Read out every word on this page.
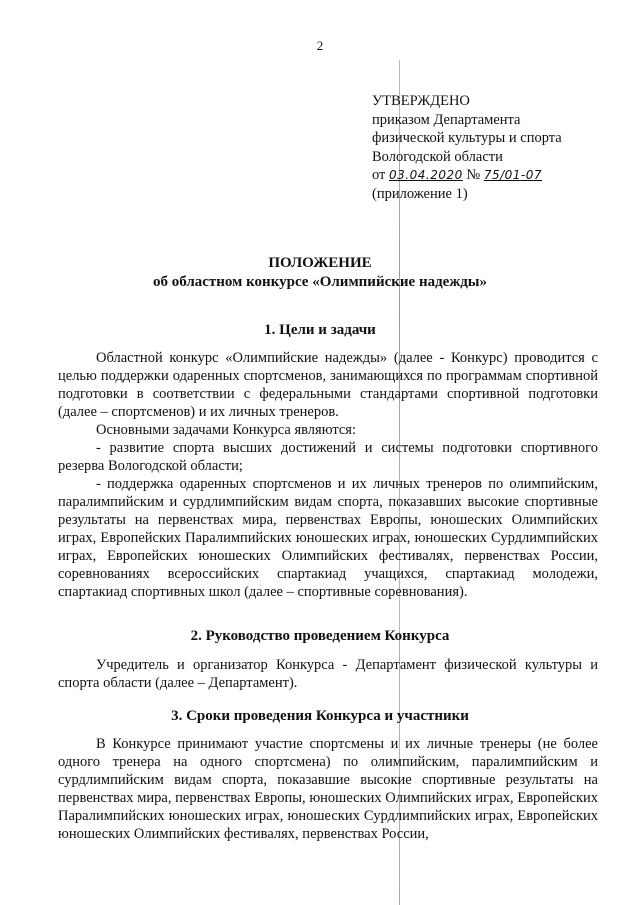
2
УТВЕРЖДЕНО
приказом Департамента
физической культуры и спорта
Вологодской области
от 03.04.2020 № 75/01-07
(приложение 1)
ПОЛОЖЕНИЕ
об областном конкурсе «Олимпийские надежды»
1. Цели и задачи

Областной конкурс «Олимпийские надежды» (далее - Конкурс) проводится с целью поддержки одаренных спортсменов, занимающихся по программам спортивной подготовки в соответствии с федеральными стандартами спортивной подготовки (далее – спортсменов) и их личных тренеров.

Основными задачами Конкурса являются:

- развитие спорта высших достижений и системы подготовки спортивного резерва Вологодской области;

- поддержка одаренных спортсменов и их личных тренеров по олимпийским, паралимпийским и сурдлимпийским видам спорта, показавших высокие спортивные результаты на первенствах мира, первенствах Европы, юношеских Олимпийских играх, Европейских Паралимпийских юношеских играх, юношеских Сурдлимпийских играх, Европейских юношеских Олимпийских фестивалях, первенствах России, соревнованиях всероссийских спартакиад учащихся, спартакиад молодежи, спартакиад спортивных школ (далее – спортивные соревнования).

2. Руководство проведением Конкурса

Учредитель и организатор Конкурса - Департамент физической культуры и спорта области (далее – Департамент).

3. Сроки проведения Конкурса и участники

В Конкурсе принимают участие спортсмены и их личные тренеры (не более одного тренера на одного спортсмена) по олимпийским, паралимпийским и сурдлимпийским видам спорта, показавшие высокие спортивные результаты на первенствах мира, первенствах Европы, юношеских Олимпийских играх, Европейских Паралимпийских юношеских играх, юношеских Сурдлимпийских играх, Европейских юношеских Олимпийских фестивалях, первенствах России,
